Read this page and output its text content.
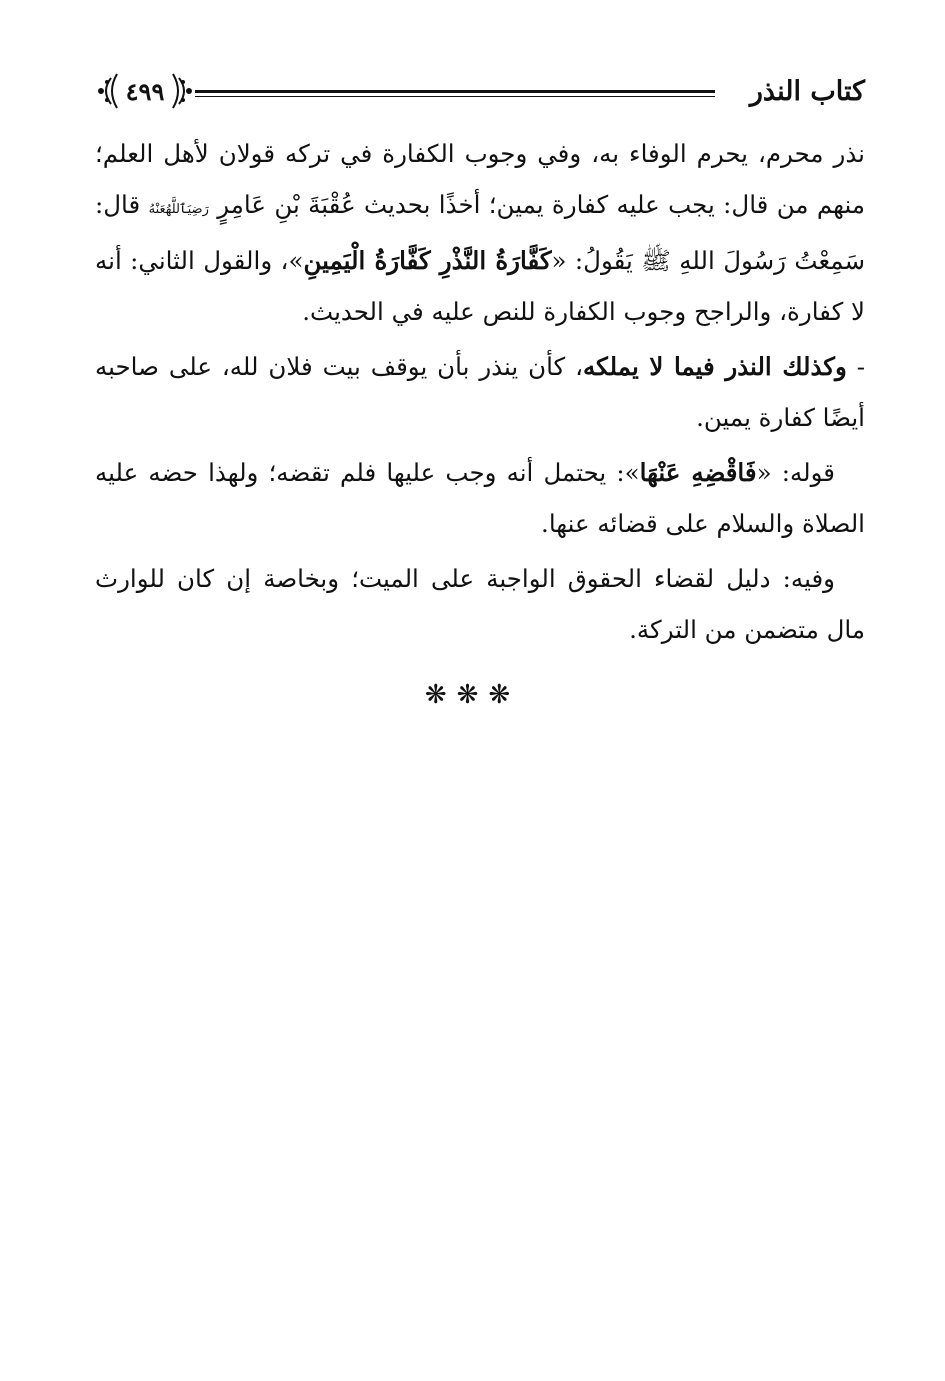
كتاب النذر
٤٩٩

نذر محرم، يحرم الوفاء به، وفي وجوب الكفارة في تركه قولان لأهل العلم؛ منهم من قال: يجب عليه كفارة يمين؛ أخذًا بحديث عُقْبَةَ بْنِ عَامِرٍ رَضِيَٱللَّهُعَنْهُ قال: سَمِعْتُ رَسُولَ اللهِ ﷺ يَقُولُ: «كَفَّارَةُ النَّذْرِ كَفَّارَةُ الْيَمِينِ»، والقول الثاني: أنه لا كفارة، والراجح وجوب الكفارة للنص عليه في الحديث.

- وكذلك النذر فيما لا يملكه، كأن ينذر بأن يوقف بيت فلان لله، على صاحبه أيضًا كفارة يمين.

قوله: «فَاقْضِهِ عَنْهَا»: يحتمل أنه وجب عليها فلم تقضه؛ ولهذا حضه عليه الصلاة والسلام على قضائه عنها.

وفيه: دليل لقضاء الحقوق الواجبة على الميت؛ وبخاصة إن كان للوارث مال متضمن من التركة.

❋❋❋
